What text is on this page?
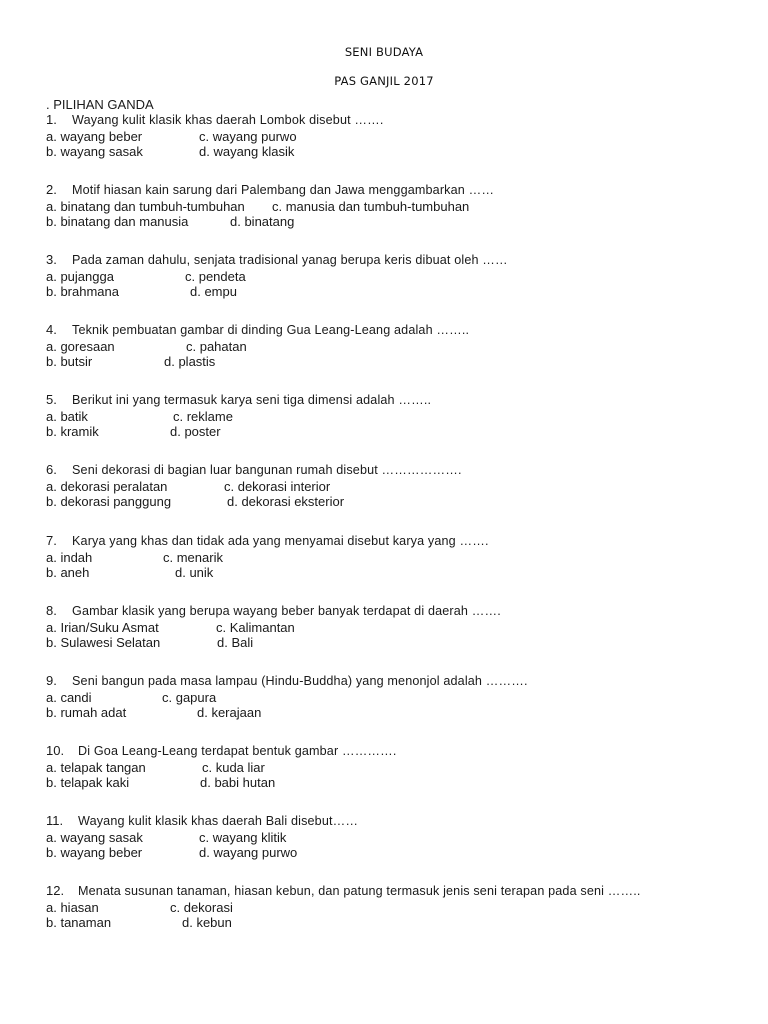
SENI BUDAYA
PAS GANJIL 2017
. PILIHAN GANDA
1. Wayang kulit klasik khas daerah Lombok disebut …….
a. wayang beber	c. wayang purwo
b. wayang sasak	d. wayang klasik
2. Motif hiasan kain sarung dari Palembang dan Jawa menggambarkan ……
a. binatang dan tumbuh-tumbuhan c. manusia dan tumbuh-tumbuhan
b. binatang dan manusia	d. binatang
3. Pada zaman dahulu, senjata tradisional yanag berupa keris dibuat oleh ……
a. pujangga	c. pendeta
b. brahmana	d. empu
4. Teknik pembuatan gambar di dinding Gua Leang-Leang adalah ……..
a. goresaan	c. pahatan
b. butsir	d. plastis
5. Berikut ini yang termasuk karya seni tiga dimensi adalah ……..
a. batik	c. reklame
b. kramik	d. poster
6. Seni dekorasi di bagian luar bangunan rumah disebut ……………….
a. dekorasi peralatan	c. dekorasi interior
b. dekorasi panggung	d. dekorasi eksterior
7. Karya yang khas dan tidak ada yang menyamai disebut karya yang …….
a. indah	c. menarik
b. aneh	d. unik
8. Gambar klasik yang berupa wayang beber banyak terdapat di daerah …….
a. Irian/Suku Asmat	c. Kalimantan
b. Sulawesi Selatan	d. Bali
9. Seni bangun pada masa lampau (Hindu-Buddha) yang menonjol adalah ……….
a. candi	c. gapura
b. rumah adat	d. kerajaan
10. Di Goa Leang-Leang terdapat bentuk gambar ………….
a. telapak tangan	c. kuda liar
b. telapak kaki	d. babi hutan
11. Wayang kulit klasik khas daerah Bali disebut……
a. wayang sasak	c. wayang klitik
b. wayang beber	d. wayang purwo
12. Menata susunan tanaman, hiasan kebun, dan patung termasuk jenis seni terapan pada seni ……..
a. hiasan	c. dekorasi
b. tanaman	d. kebun
